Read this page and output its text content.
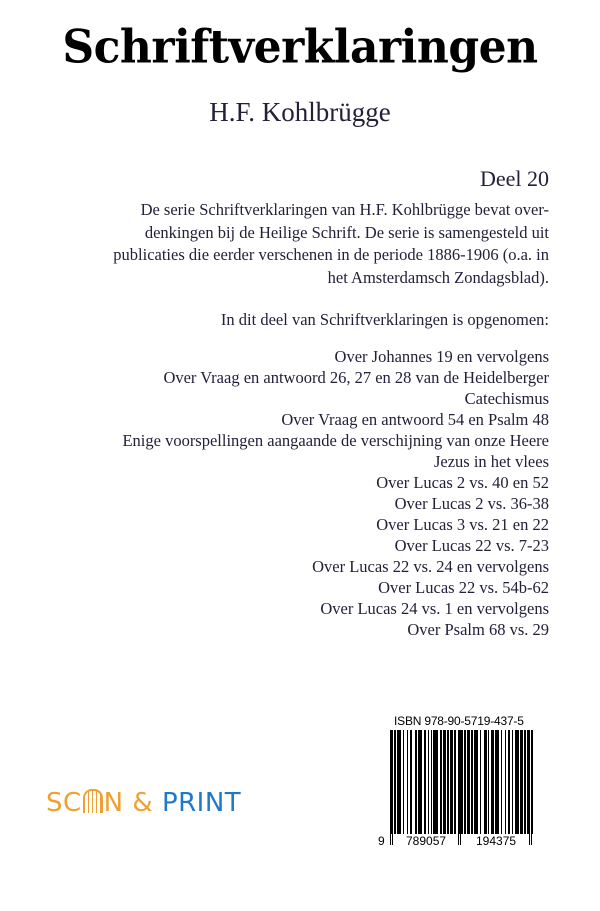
Schriftverklaringen
H.F. Kohlbrügge
Deel 20
De serie Schriftverklaringen van H.F. Kohlbrügge bevat over-
denkingen bij de Heilige Schrift. De serie is samengesteld uit
publicaties die eerder verschenen in de periode 1886-1906 (o.a. in
het Amsterdamsch Zondagsblad).
In dit deel van Schriftverklaringen is opgenomen:
Over Johannes 19 en vervolgens
Over Vraag en antwoord 26, 27 en 28 van de Heidelberger
Catechismus
Over Vraag en antwoord 54 en Psalm 48
Enige voorspellingen aangaande de verschijning van onze Heere
Jezus in het vlees
Over Lucas 2 vs. 40 en 52
Over Lucas 2 vs. 36-38
Over Lucas 3 vs. 21 en 22
Over Lucas 22 vs. 7-23
Over Lucas 22 vs. 24 en vervolgens
Over Lucas 22 vs. 54b-62
Over Lucas 24 vs. 1 en vervolgens
Over Psalm 68 vs. 29
SC N & PRINT
ISBN 978-90-5719-437-5
9 789057 194375
